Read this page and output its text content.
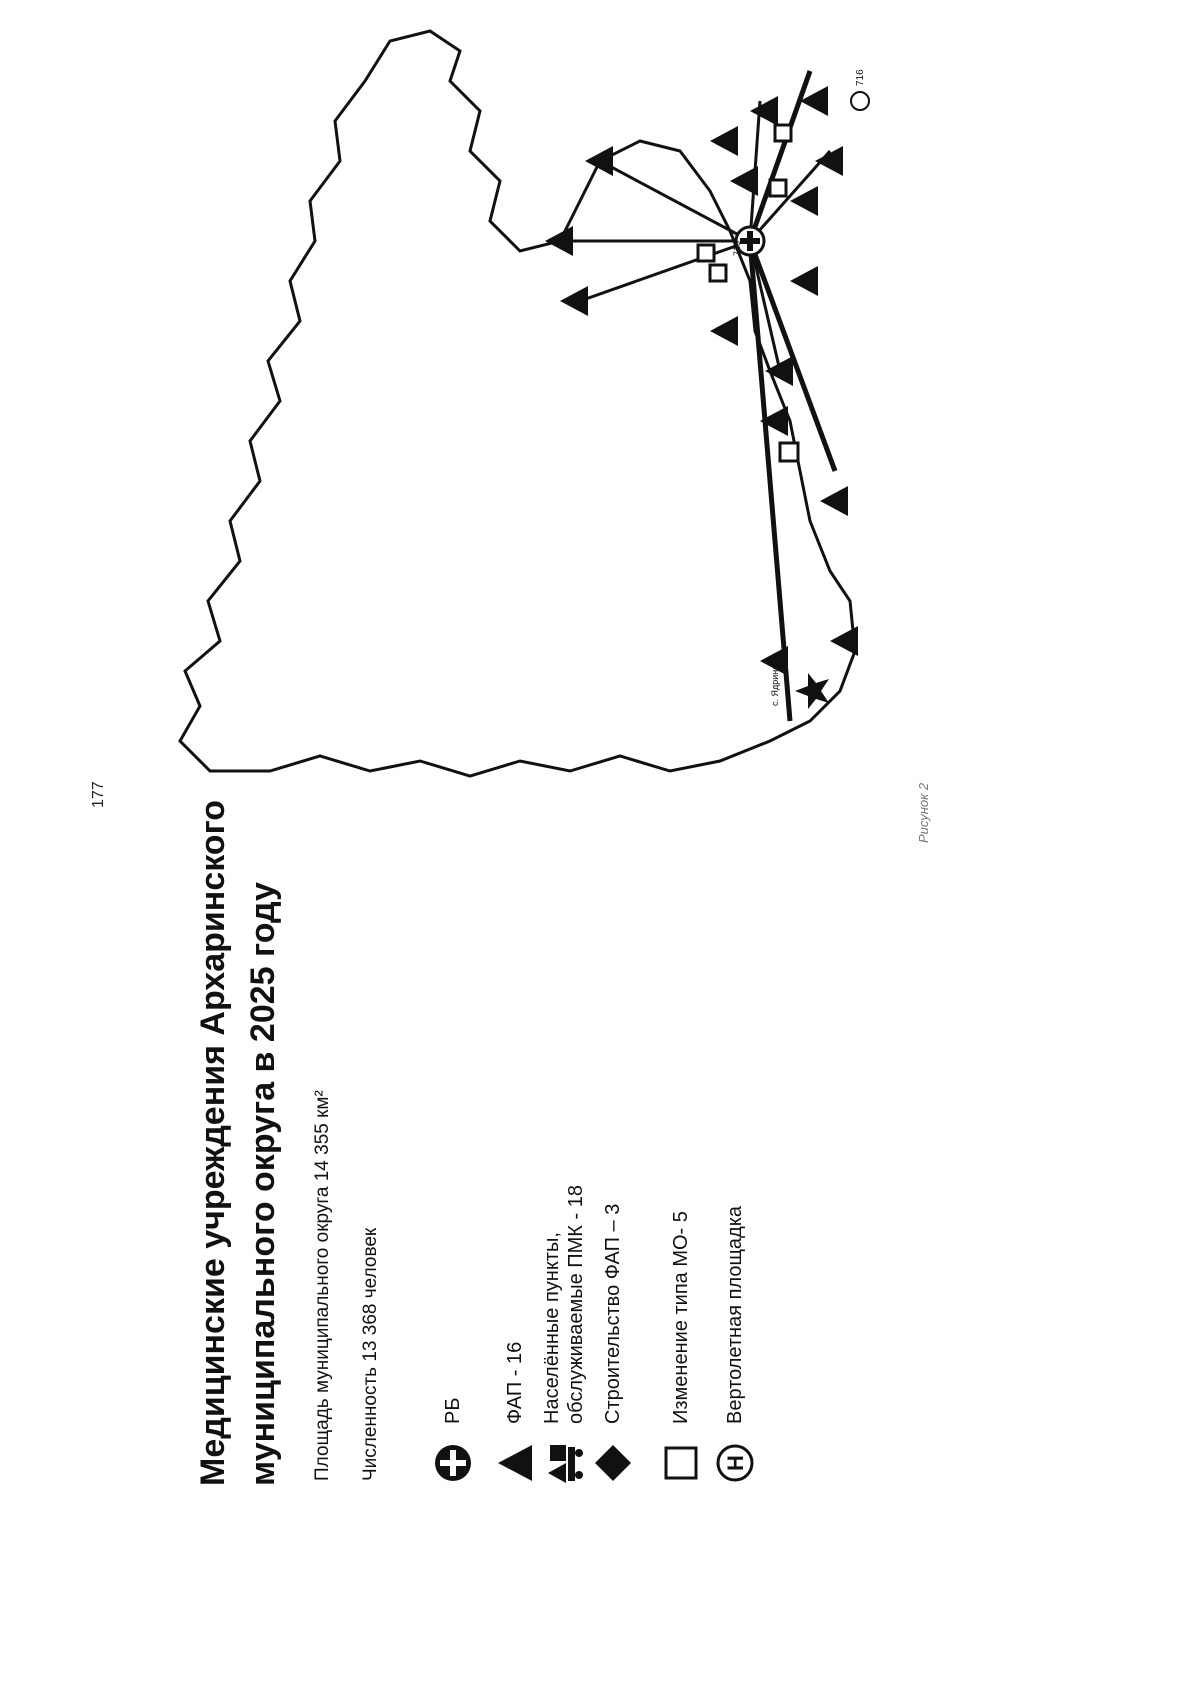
177
Медицинские учреждения Архаринского муниципального округа в 2025 году	Площадь муниципального округа 14 355 км² Численность 13 368 человек	РБ ФАП - 16 Населённые пункты, обслуживаемые ПМК - 18 Строительство ФАП – 3 Изменение типа МО- 5
H
Вертолетная площадка
716
713
с. Ядрино
Рисунок 2
